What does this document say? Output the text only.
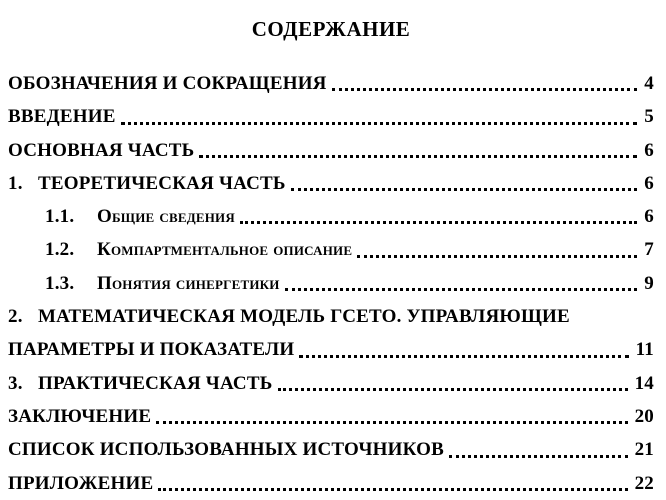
СОДЕРЖАНИЕ
ОБОЗНАЧЕНИЯ И СОКРАЩЕНИЯ	4
ВВЕДЕНИЕ	5
ОСНОВНАЯ ЧАСТЬ	6
1. ТЕОРЕТИЧЕСКАЯ ЧАСТЬ	6
1.1.	Общие сведения	6
1.2.	Компартментальное описание	7
1.3.	Понятия синергетики	9
2. МАТЕМАТИЧЕСКАЯ МОДЕЛЬ ГСЕТО. УПРАВЛЯЮЩИЕ
ПАРАМЕТРЫ И ПОКАЗАТЕЛИ	11
3. ПРАКТИЧЕСКАЯ ЧАСТЬ	14
ЗАКЛЮЧЕНИЕ	20
СПИСОК ИСПОЛЬЗОВАННЫХ ИСТОЧНИКОВ	21
ПРИЛОЖЕНИЕ	22
